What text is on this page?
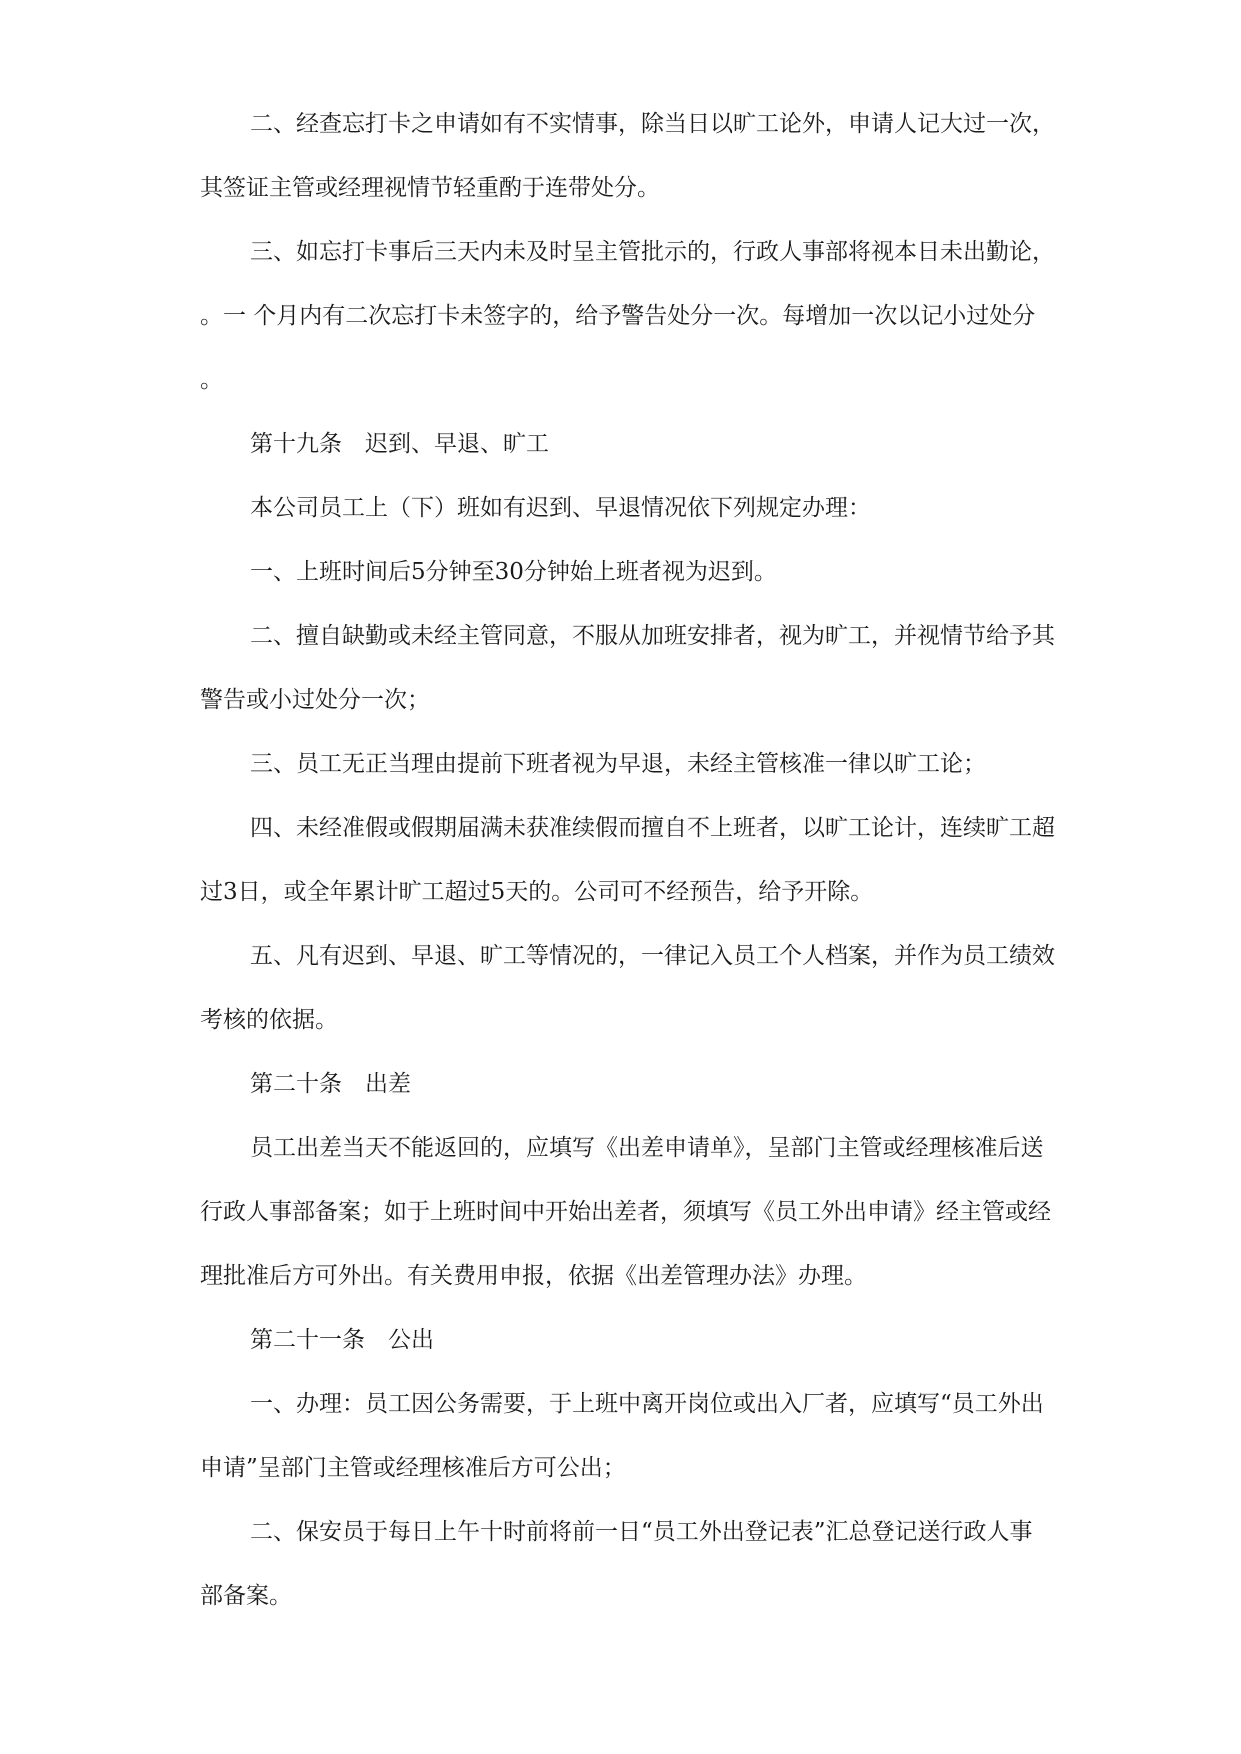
二、经查忘打卡之申请如有不实情事，除当日以旷工论外，申请人记大过一次，
其签证主管或经理视情节轻重酌于连带处分。
三、如忘打卡事后三天内未及时呈主管批示的，行政人事部将视本日未出勤论，
。一 个月内有二次忘打卡未签字的，给予警告处分一次。每增加一次以记小过处分
。
第十九条　迟到、早退、旷工
本公司员工上（下）班如有迟到、早退情况依下列规定办理：
一、上班时间后5分钟至30分钟始上班者视为迟到。
二、擅自缺勤或未经主管同意，不服从加班安排者，视为旷工，并视情节给予其
警告或小过处分一次；
三、员工无正当理由提前下班者视为早退，未经主管核准一律以旷工论；
四、未经准假或假期届满未获准续假而擅自不上班者，以旷工论计，连续旷工超
过3日，或全年累计旷工超过5天的。公司可不经预告，给予开除。
五、凡有迟到、早退、旷工等情况的，一律记入员工个人档案，并作为员工绩效
考核的依据。
第二十条　出差
员工出差当天不能返回的，应填写《出差申请单》，呈部门主管或经理核准后送
行政人事部备案；如于上班时间中开始出差者，须填写《员工外出申请》经主管或经
理批准后方可外出。有关费用申报，依据《出差管理办法》办理。
第二十一条　公出
一、办理：员工因公务需要，于上班中离开岗位或出入厂者，应填写“员工外出
申请”呈部门主管或经理核准后方可公出；
二、保安员于每日上午十时前将前一日“员工外出登记表”汇总登记送行政人事
部备案。
